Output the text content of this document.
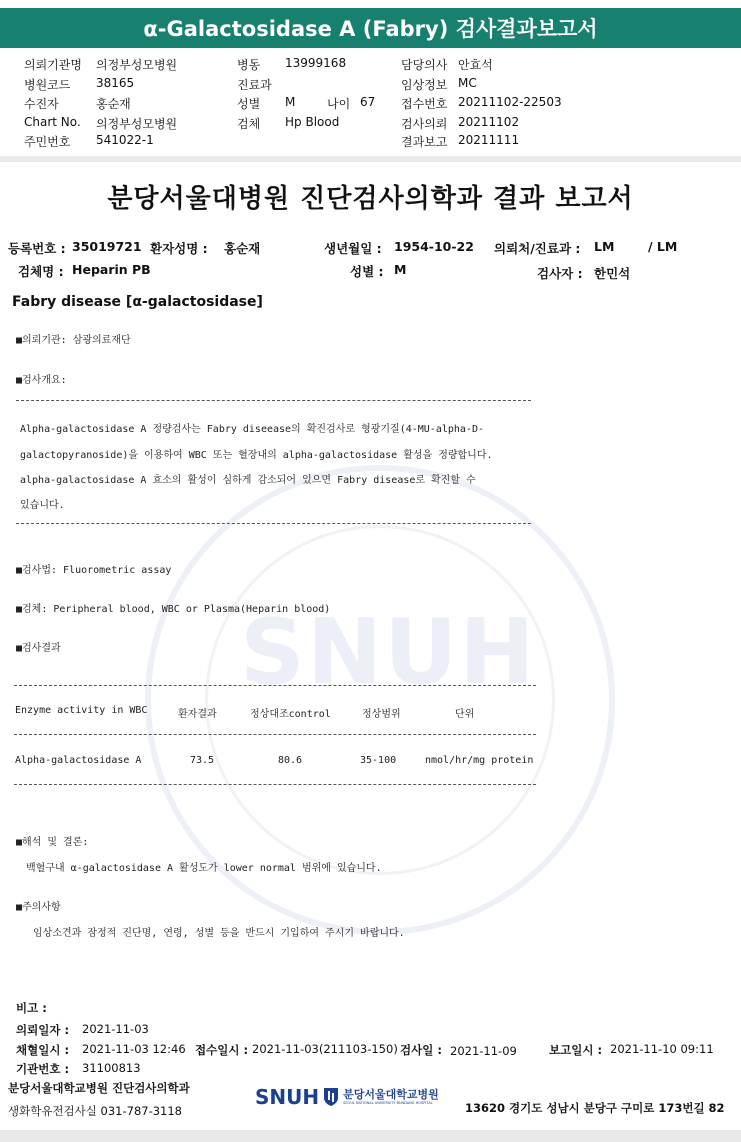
α-Galactosidase A (Fabry) 검사결과보고서
의뢰기관명 의정부성모병원
병원코드 38165
수진자	홍순재
Chart No. 의정부성모병원
주민번호 541022-1
병동 13999168
진료과
성별 M	나이 67
검체 Hp Blood
담당의사 안효석
임상정보 MC
접수번호 20211102-22503
검사의뢰 20211102
결과보고 20211111
SNUH
분당서울대병원 진단검사의학과 결과 보고서
등록번호 : 35019721 환자성명 : 홍순재	생년월일 : 1954-10-22 의뢰처/진료과 : LM	/ LM
검체명 : Heparin PB	성별 : M	검사자 : 한민석
Fabry disease [α-galactosidase]
■의뢰기관: 삼광의료재단
■검사개요:
Alpha-galactosidase A 정량검사는 Fabry diseease의 확진검사로 형광기질(4-MU-alpha-D-
galactopyranoside)을 이용하여 WBC 또는 혈장내의 alpha-galactosidase 활성을 정량합니다.
alpha-galactosidase A 효소의 활성이 심하게 감소되어 있으면 Fabry disease로 확진할 수
있습니다.
■검사법: Fluorometric assay
■검체: Peripheral blood, WBC or Plasma(Heparin blood)
■검사결과
Enzyme activity in WBC	환자결과	정상대조control	정상범위	단위
Alpha-galactosidase A	73.5	80.6	35-100	nmol/hr/mg protein
■해석 및 결론:
백혈구내 α-galactosidase A 활성도가 lower normal 범위에 있습니다.
■주의사항
임상소견과 잠정적 진단명, 연령, 성별 등을 반드시 기입하여 주시기 바랍니다.
비고 :
의뢰일자 : 2021-11-03
채혈일시 : 2021-11-03 12:46 접수일시 : 2021-11-03(211103-150) 검사일 : 2021-11-09	보고일시 : 2021-11-10 09:11
기관번호 : 31100813
분당서울대학교병원 진단검사의학과
생화학유전검사실 031-787-3118
SNUH 분당서울대학교병원
SEOUL NATIONAL UNIVERSITY BUNDANG HOSPITAL	13620 경기도 성남시 분당구 구미로 173번길 82
